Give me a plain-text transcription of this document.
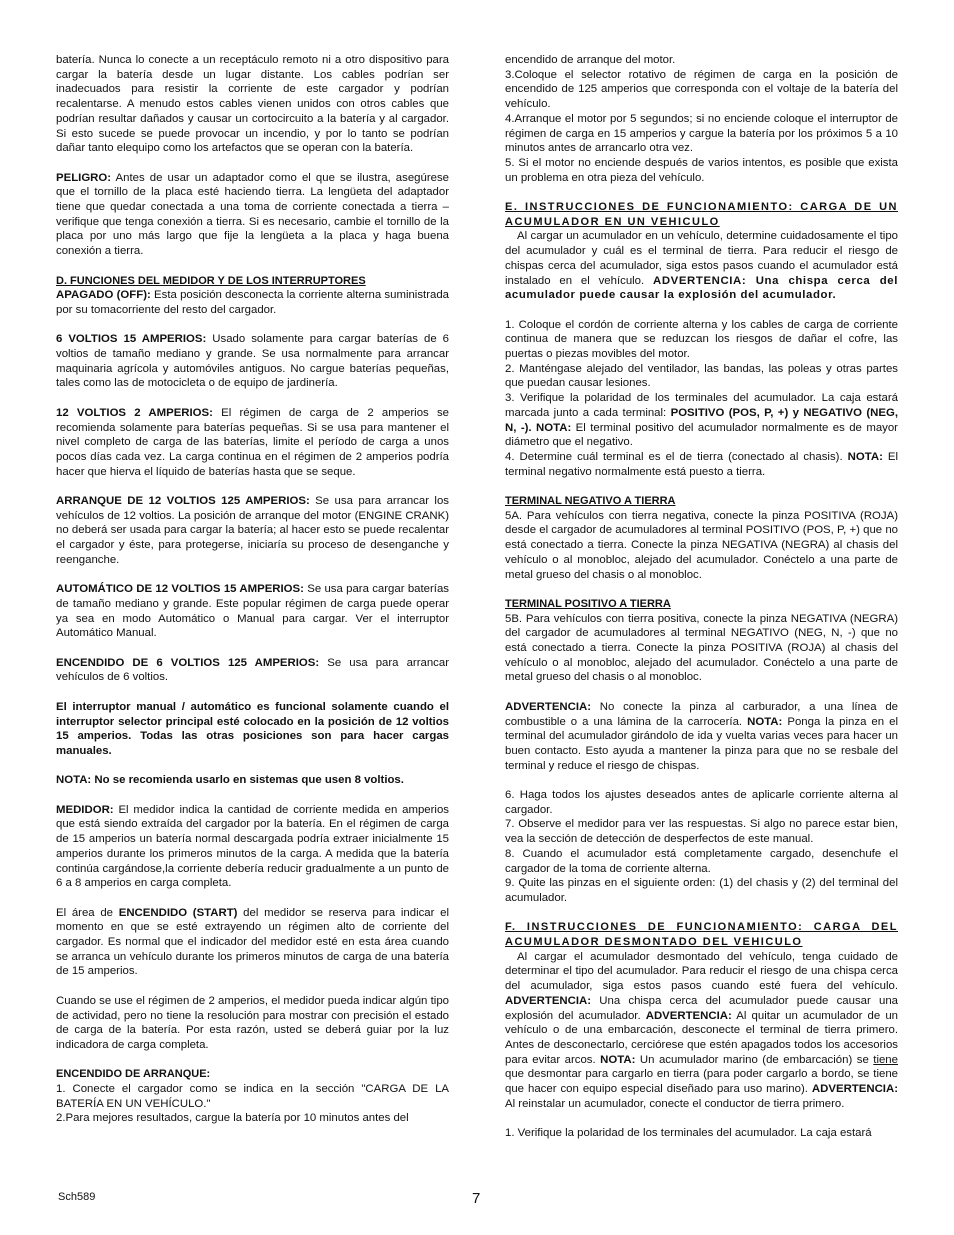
batería. Nunca lo conecte a un receptáculo remoto ni a otro dispositivo para cargar la batería desde un lugar distante. Los cables podrían ser inadecuados para resistir la corriente de este cargador y podrían recalentarse. A menudo estos cables vienen unidos con otros cables que podrían resultar dañados y causar un cortocircuito a la batería y al cargador. Si esto sucede se puede provocar un incendio, y por lo tanto se podrían dañar tanto elequipo como los artefactos que se operan con la batería.

PELIGRO: Antes de usar un adaptador como el que se ilustra, asegúrese que el tornillo de la placa esté haciendo tierra. La lengüeta del adaptador tiene que quedar conectada a una toma de corriente conectada a tierra – verifique que tenga conexión a tierra. Si es necesario, cambie el tornillo de la placa por uno más largo que fije la lengüeta a la placa y haga buena conexión a tierra.

D. FUNCIONES DEL MEDIDOR Y DE LOS INTERRUPTORES

APAGADO (OFF): Esta posición desconecta la corriente alterna suministrada por su tomacorriente del resto del cargador.

6 VOLTIOS 15 AMPERIOS: Usado solamente para cargar baterías de 6 voltios de tamaño mediano y grande. Se usa normalmente para arrancar maquinaria agrícola y automóviles antiguos. No cargue baterías pequeñas, tales como las de motocicleta o de equipo de jardinería.

12 VOLTIOS 2 AMPERIOS: El régimen de carga de 2 amperios se recomienda solamente para baterías pequeñas. Si se usa para mantener el nivel completo de carga de las baterías, limite el período de carga a unos pocos días cada vez. La carga continua en el régimen de 2 amperios podría hacer que hierva el líquido de baterías hasta que se seque.

ARRANQUE DE 12 VOLTIOS 125 AMPERIOS: Se usa para arrancar los vehículos de 12 voltios. La posición de arranque del motor (ENGINE CRANK) no deberá ser usada para cargar la batería; al hacer esto se puede recalentar el cargador y éste, para protegerse, iniciaría su proceso de desenganche y reenganche.

AUTOMÁTICO DE 12 VOLTIOS 15 AMPERIOS: Se usa para cargar baterías de tamaño mediano y grande. Este popular régimen de carga puede operar ya sea en modo Automático o Manual para cargar. Ver el interruptor Automático Manual.

ENCENDIDO DE 6 VOLTIOS 125 AMPERIOS: Se usa para arrancar vehículos de 6 voltios.

El interruptor manual / automático es funcional solamente cuando el interruptor selector principal esté colocado en la posición de 12 voltios 15 amperios. Todas las otras posiciones son para hacer cargas manuales.

NOTA: No se recomienda usarlo en sistemas que usen 8 voltios.

MEDIDOR: El medidor indica la cantidad de corriente medida en amperios que está siendo extraída del cargador por la batería. En el régimen de carga de 15 amperios un batería normal descargada podría extraer inicialmente 15 amperios durante los primeros minutos de la carga. A medida que la batería continúa cargándose,la corriente debería reducir gradualmente a un punto de 6 a 8 amperios en carga completa.

El área de ENCENDIDO (START) del medidor se reserva para indicar el momento en que se esté extrayendo un régimen alto de corriente del cargador. Es normal que el indicador del medidor esté en esta área cuando se arranca un vehículo durante los primeros minutos de carga de una batería de 15 amperios.

Cuando se use el régimen de 2 amperios, el medidor pueda indicar algún tipo de actividad, pero no tiene la resolución para mostrar con precisión el estado de carga de la batería. Por esta razón, usted se deberá guiar por la luz indicadora de carga completa.

ENCENDIDO DE ARRANQUE:

1. Conecte el cargador como se indica en la sección "CARGA DE LA BATERÍA EN UN VEHÍCULO."

2.Para mejores resultados, cargue la batería por 10 minutos antes del

encendido de arranque del motor.

3.Coloque el selector rotativo de régimen de carga en la posición de encendido de 125 amperios que corresponda con el voltaje de la batería del vehículo.

4.Arranque el motor por 5 segundos; si no enciende coloque el interruptor de régimen de carga en 15 amperios y cargue la batería por los próximos 5 a 10 minutos antes de arrancarlo otra vez.

5. Si el motor no enciende después de varios intentos, es posible que exista un problema en otra pieza del vehículo.

E. INSTRUCCIONES DE FUNCIONAMIENTO: CARGA DE UN ACUMULADOR EN UN VEHICULO

Al cargar un acumulador en un vehículo, determine cuidadosamente el tipo del acumulador y cuál es el terminal de tierra. Para reducir el riesgo de chispas cerca del acumulador, siga estos pasos cuando el acumulador está instalado en el vehículo. ADVERTENCIA: Una chispa cerca del acumulador puede causar la explosión del acumulador.

1. Coloque el cordón de corriente alterna y los cables de carga de corriente continua de manera que se reduzcan los riesgos de dañar el cofre, las puertas o piezas movibles del motor.

2. Manténgase alejado del ventilador, las bandas, las poleas y otras partes que puedan causar lesiones.

3. Verifique la polaridad de los terminales del acumulador. La caja estará marcada junto a cada terminal: POSITIVO (POS, P, +) y NEGATIVO (NEG, N, -). NOTA: El terminal positivo del acumulador normalmente es de mayor diámetro que el negativo.

4. Determine cuál terminal es el de tierra (conectado al chasis). NOTA: El terminal negativo normalmente está puesto a tierra.

TERMINAL NEGATIVO A TIERRA

5A. Para vehículos con tierra negativa, conecte la pinza POSITIVA (ROJA) desde el cargador de acumuladores al terminal POSITIVO (POS, P, +) que no está conectado a tierra. Conecte la pinza NEGATIVA (NEGRA) al chasis del vehículo o al monobloc, alejado del acumulador. Conéctelo a una parte de metal grueso del chasis o al monobloc.

TERMINAL POSITIVO A TIERRA

5B. Para vehículos con tierra positiva, conecte la pinza NEGATIVA (NEGRA) del cargador de acumuladores al terminal NEGATIVO (NEG, N, -) que no está conectado a tierra. Conecte la pinza POSITIVA (ROJA) al chasis del vehículo o al monobloc, alejado del acumulador. Conéctelo a una parte de metal grueso del chasis o al monobloc.

ADVERTENCIA: No conecte la pinza al carburador, a una línea de combustible o a una lámina de la carrocería. NOTA: Ponga la pinza en el terminal del acumulador girándolo de ida y vuelta varias veces para hacer un buen contacto. Esto ayuda a mantener la pinza para que no se resbale del terminal y reduce el riesgo de chispas.

6. Haga todos los ajustes deseados antes de aplicarle corriente alterna al cargador.

7. Observe el medidor para ver las respuestas. Si algo no parece estar bien, vea la sección de detección de desperfectos de este manual.

8. Cuando el acumulador está completamente cargado, desenchufe el cargador de la toma de corriente alterna.

9. Quite las pinzas en el siguiente orden: (1) del chasis y (2) del terminal del acumulador.

F. INSTRUCCIONES DE FUNCIONAMIENTO: CARGA DEL ACUMULADOR DESMONTADO DEL VEHICULO

Al cargar el acumulador desmontado del vehículo, tenga cuidado de determinar el tipo del acumulador. Para reducir el riesgo de una chispa cerca del acumulador, siga estos pasos cuando esté fuera del vehículo. ADVERTENCIA: Una chispa cerca del acumulador puede causar una explosión del acumulador. ADVERTENCIA: Al quitar un acumulador de un vehículo o de una embarcación, desconecte el terminal de tierra primero. Antes de desconectarlo, cerciórese que estén apagados todos los accesorios para evitar arcos. NOTA: Un acumulador marino (de embarcación) se tiene que desmontar para cargarlo en tierra (para poder cargarlo a bordo, se tiene que hacer con equipo especial diseñado para uso marino). ADVERTENCIA: Al reinstalar un acumulador, conecte el conductor de tierra primero.

1. Verifique la polaridad de los terminales del acumulador. La caja estará

Sch589	7
